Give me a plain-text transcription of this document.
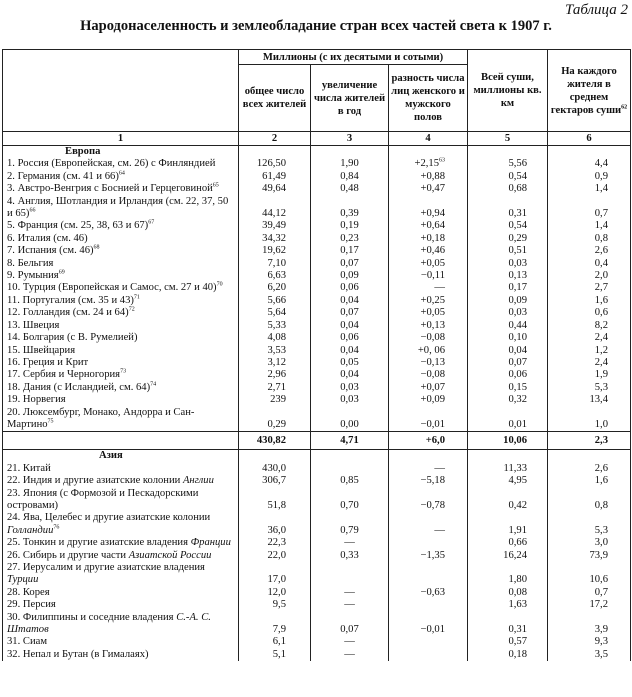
Таблица 2
Народонаселенность и землеобладание стран всех частей света к 1907 г.
	Миллионы (с их десятыми и сотыми)			Всей суши, миллионы кв. км	На каждого жителя в среднем гектаров суши$^{62}$
	общее число всех жителей	увеличение числа жителей в год	разность числа лиц женского и мужского полов		
1	2	3	4	5	6
Европа					
1. Россия (Европейская, см. 26) с Финляндией	126,50	1,90	$+2,15^{63}$	5,56	4,4
2. Германия (см. 41 и 66)$^{64}$	61,49	0,84	+0,88	0,54	0,9
3. Австро-Венгрия с Боснией и Герцеговиной$^{65}$	49,64	0,48	+0,47	0,68	1,4
4. Англия, Шотландия и Ирландия (см. 22, 37, 50 и 65)$^{66}$	44,12	0,39	+0,94	0,31	0,7
5. Франция (см. 25, 38, 63 и 67)$^{67}$	39,49	0,19	+0,64	0,54	1,4
6. Италия (см. 46)	34,32	0,23	+0,18	0,29	0,8
7. Испания (см. 46)$^{68}$	19,62	0,17	+0,46	0,51	2,6
8. Бельгия	7,10	0,07	+0,05	0,03	0,4
9. Румыния$^{69}$	6,63	0,09	−0,11	0,13	2,0
10. Турция (Европейская и Самос, см. 27 и 40)$^{70}$	6,20	0,06	—	0,17	2,7
11. Португалия (см. 35 и 43)$^{71}$	5,66	0,04	+0,25	0,09	1,6
12. Голландия (см. 24 и 64)$^{72}$	5,64	0,07	+0,05	0,03	0,6
13. Швеция	5,33	0,04	+0,13	0,44	8,2
14. Болгария (с В. Румелией)	4,08	0,06	−0,08	0,10	2,4
15. Швейцария	3,53	0,04	+0, 06	0,04	1,2
16. Греция и Крит	3,12	0,05	−0,13	0,07	2,4
17. Сербия и Черногория$^{73}$	2,96	0,04	−0,08	0,06	1,9
18. Дания (с Исландией, см. 64)$^{74}$	2,71	0,03	+0,07	0,15	5,3
19. Норвегия	239	0,03	+0,09	0,32	13,4
20. Люксембург, Монако, Андорра и Сан-Мартино$^{75}$	0,29	0,00	−0,01	0,01	1,0
	430,82	4,71	+6,0	10,06	2,3
Азия					
21. Китай	430,0		—	11,33	2,6
22. Индия и другие азиатские колонии Англии	306,7	0,85	−5,18	4,95	1,6
23. Япония (с Формозой и Пескадорскими островами)	51,8	0,70	−0,78	0,42	0,8
24. Ява, Целебес и другие азиатские колонии Голландии$^{76}$	36,0	0,79	—	1,91	5,3
25. Тонкин и другие азиатские владения Франции	22,3	—		0,66	3,0
26. Сибирь и другие части Азиатской России	22,0	0,33	−1,35	16,24	73,9
27. Иерусалим и другие азиатские владения Турции	17,0			1,80	10,6
28. Корея	12,0	—	−0,63	0,08	0,7
29. Персия	9,5	—		1,63	17,2
30. Филиппины и соседние владения С.-А. С. Штатов	7,9	0,07	−0,01	0,31	3,9
31. Сиам	6,1	—		0,57	9,3
32. Непал и Бутан (в Гималаях)	5,1	—		0,18	3,5
